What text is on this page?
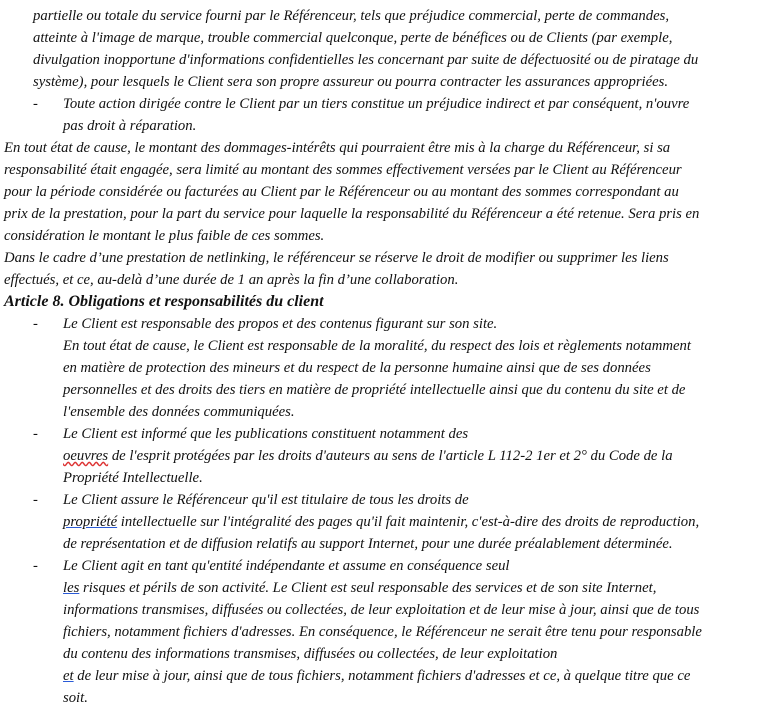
partielle ou totale du service fourni par le Référenceur, tels que préjudice commercial, perte de commandes,
atteinte à l'image de marque, trouble commercial quelconque, perte de bénéfices ou de Clients (par exemple,
divulgation inopportune d'informations confidentielles les concernant par suite de défectuosité ou de piratage du
système), pour lesquels le Client sera son propre assureur ou pourra contracter les assurances appropriées.
- Toute action dirigée contre le Client par un tiers constitue un préjudice indirect et par conséquent, n'ouvre
pas droit à réparation.
En tout état de cause, le montant des dommages-intérêts qui pourraient être mis à la charge du Référenceur, si sa
responsabilité était engagée, sera limité au montant des sommes effectivement versées par le Client au Référenceur
pour la période considérée ou facturées au Client par le Référenceur ou au montant des sommes correspondant au
prix de la prestation, pour la part du service pour laquelle la responsabilité du Référenceur a été retenue. Sera pris en
considération le montant le plus faible de ces sommes.
Dans le cadre d’une prestation de netlinking, le référenceur se réserve le droit de modifier ou supprimer les liens
effectués, et ce, au-delà d’une durée de 1 an après la fin d’une collaboration.
Article 8. Obligations et responsabilités du client
- Le Client est responsable des propos et des contenus figurant sur son site.
En tout état de cause, le Client est responsable de la moralité, du respect des lois et règlements notamment
en matière de protection des mineurs et du respect de la personne humaine ainsi que de ses données
personnelles et des droits des tiers en matière de propriété intellectuelle ainsi que du contenu du site et de
l'ensemble des données communiquées.
- Le Client est informé que les publications constituent notamment des
oeuvres de l'esprit protégées par les droits d'auteurs au sens de l'article L 112-2 1er et 2° du Code de la
Propriété Intellectuelle.
- Le Client assure le Référenceur qu'il est titulaire de tous les droits de
propriété intellectuelle sur l'intégralité des pages qu'il fait maintenir, c'est-à-dire des droits de reproduction,
de représentation et de diffusion relatifs au support Internet, pour une durée préalablement déterminée.
- Le Client agit en tant qu'entité indépendante et assume en conséquence seul
les risques et périls de son activité. Le Client est seul responsable des services et de son site Internet,
informations transmises, diffusées ou collectées, de leur exploitation et de leur mise à jour, ainsi que de tous
fichiers, notamment fichiers d'adresses. En conséquence, le Référenceur ne serait être tenu pour responsable
du contenu des informations transmises, diffusées ou collectées, de leur exploitation
et de leur mise à jour, ainsi que de tous fichiers, notamment fichiers d'adresses et ce, à quelque titre que ce
soit.
